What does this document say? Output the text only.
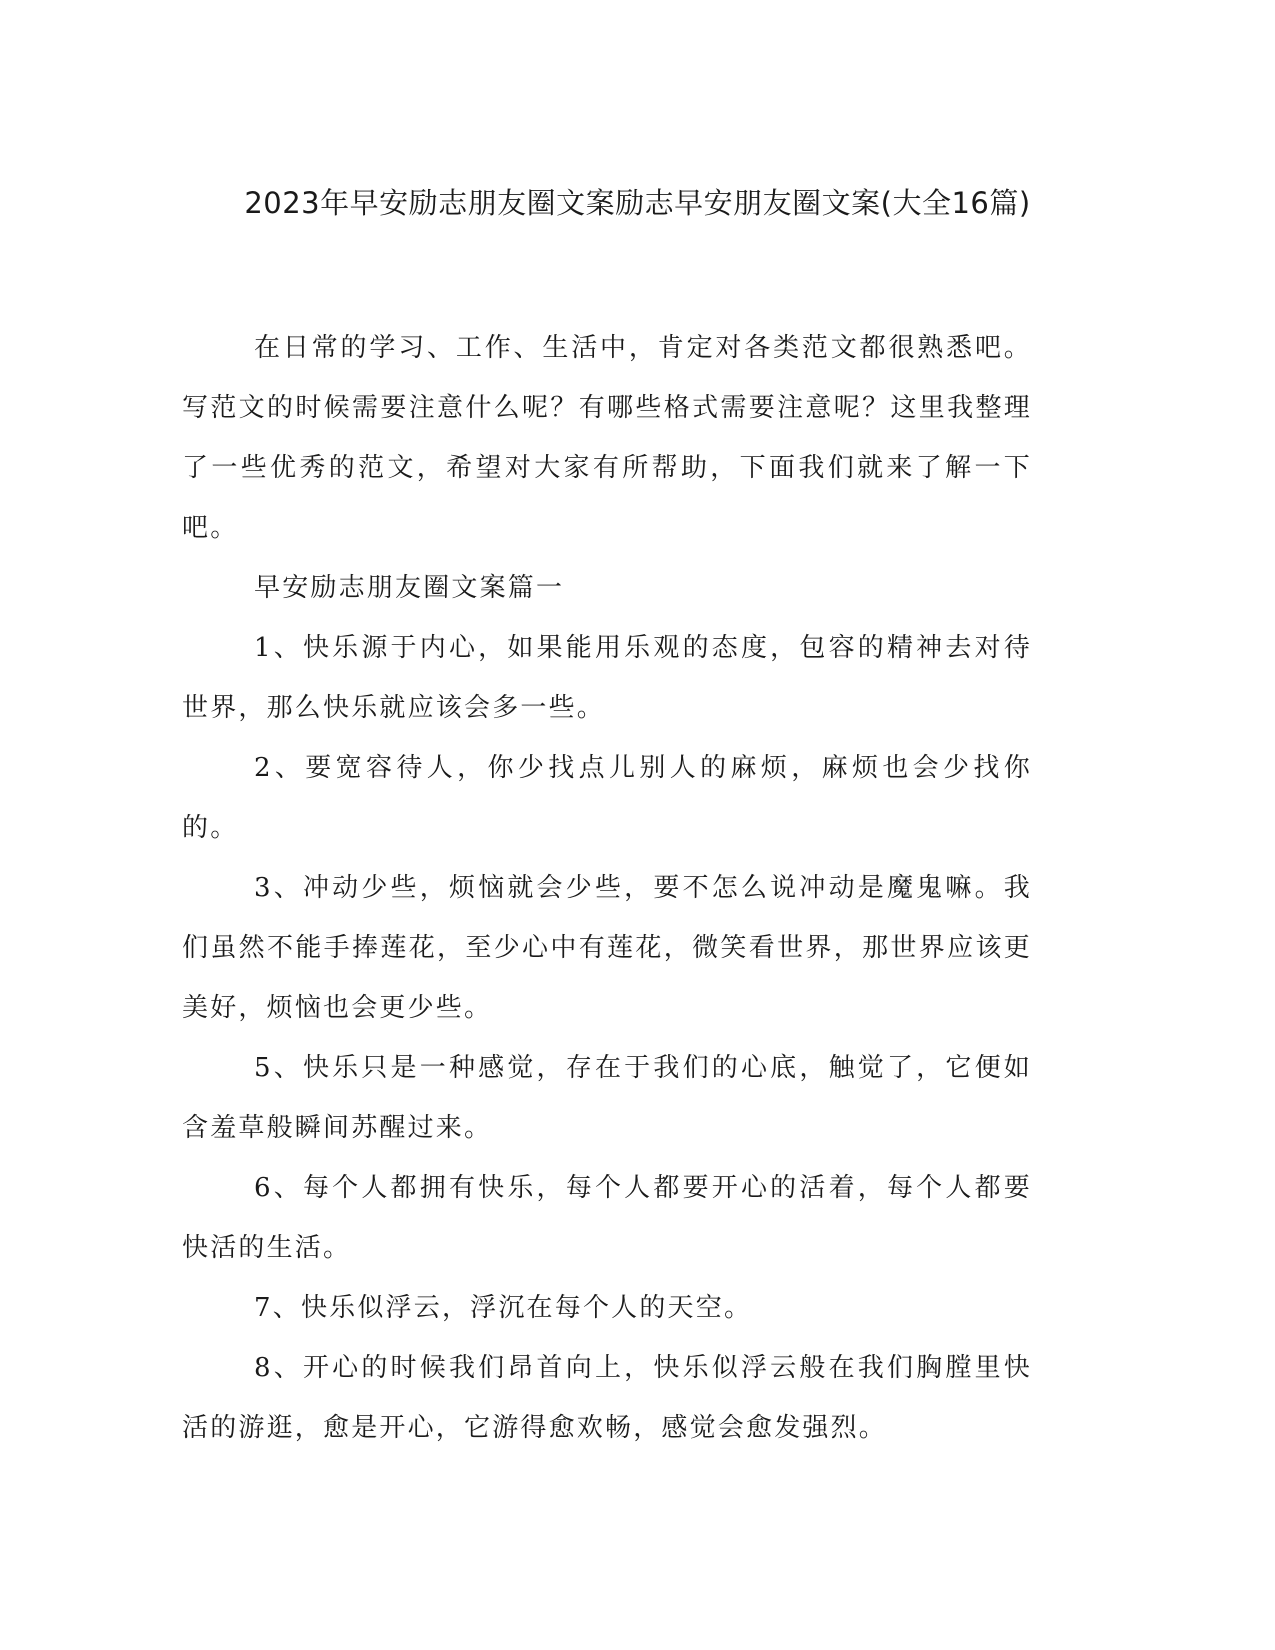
2023年早安励志朋友圈文案励志早安朋友圈文案(大全16篇)

在日常的学习、工作、生活中，肯定对各类范文都很熟悉吧。写范文的时候需要注意什么呢？有哪些格式需要注意呢？这里我整理了一些优秀的范文，希望对大家有所帮助，下面我们就来了解一下吧。

早安励志朋友圈文案篇一

1、快乐源于内心，如果能用乐观的态度，包容的精神去对待世界，那么快乐就应该会多一些。

2、要宽容待人，你少找点儿别人的麻烦，麻烦也会少找你的。

3、冲动少些，烦恼就会少些，要不怎么说冲动是魔鬼嘛。我们虽然不能手捧莲花，至少心中有莲花，微笑看世界，那世界应该更美好，烦恼也会更少些。

5、快乐只是一种感觉，存在于我们的心底，触觉了，它便如含羞草般瞬间苏醒过来。

6、每个人都拥有快乐，每个人都要开心的活着，每个人都要快活的生活。

7、快乐似浮云，浮沉在每个人的天空。

8、开心的时候我们昂首向上，快乐似浮云般在我们胸膛里快活的游逛，愈是开心，它游得愈欢畅，感觉会愈发强烈。
